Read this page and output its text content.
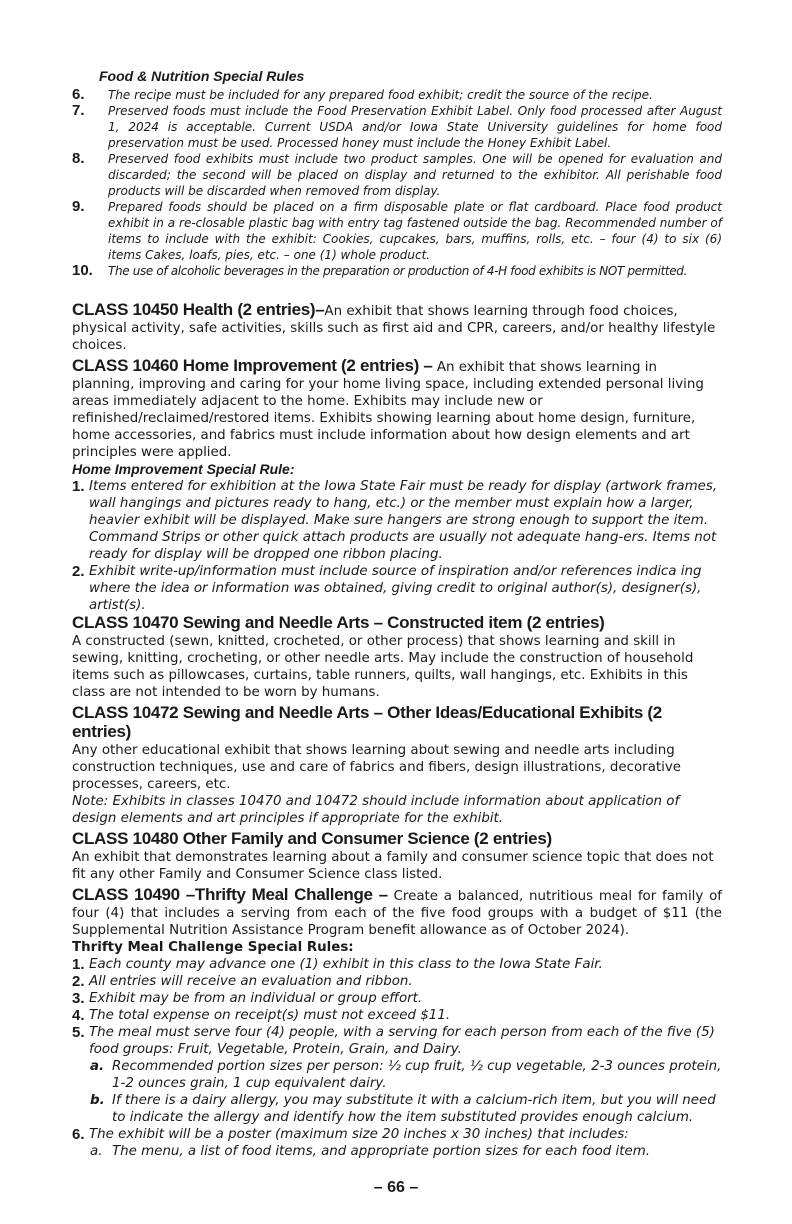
Food & Nutrition Special Rules

6.	The recipe must be included for any prepared food exhibit; credit the source of the recipe.
7.	Preserved foods must include the Food Preservation Exhibit Label. Only food processed after August 1, 2024 is acceptable. Current USDA and/or Iowa State University guidelines for home food preservation must be used. Processed honey must include the Honey Exhibit Label.
8.	Preserved food exhibits must include two product samples. One will be opened for evaluation and discarded; the second will be placed on display and returned to the exhibitor. All perishable food products will be discarded when removed from display.
9.	Prepared foods should be placed on a firm disposable plate or flat cardboard. Place food product exhibit in a re-closable plastic bag with entry tag fastened outside the bag. Recommended number of items to include with the exhibit: Cookies, cupcakes, bars, muffins, rolls, etc. – four (4) to six (6) items Cakes, loafs, pies, etc. – one (1) whole product.
10.	The use of alcoholic beverages in the preparation or production of 4-H food exhibits is NOT permitted.

CLASS 10450 Health (2 entries)–An exhibit that shows learning through food choices, physical activity, safe activities, skills such as first aid and CPR, careers, and/or healthy lifestyle choices.

CLASS 10460 Home Improvement (2 entries) – An exhibit that shows learning in planning, improving and caring for your home living space, including extended personal living areas immediately adjacent to the home. Exhibits may include new or refinished/reclaimed/restored items. Exhibits showing learning about home design, furniture, home accessories, and fabrics must include information about how design elements and art principles were applied.

Home Improvement Special Rule:

1. Items entered for exhibition at the Iowa State Fair must be ready for display (artwork frames, wall hangings and pictures ready to hang, etc.) or the member must explain how a larger, heavier exhibit will be displayed. Make sure hangers are strong enough to support the item. Command Strips or other quick attach products are usually not adequate hang-ers. Items not ready for display will be dropped one ribbon placing.
2. Exhibit write-up/information must include source of inspiration and/or references indica ing where the idea or information was obtained, giving credit to original author(s), designer(s), artist(s).

CLASS 10470 Sewing and Needle Arts – Constructed item (2 entries)

A constructed (sewn, knitted, crocheted, or other process) that shows learning and skill in sewing, knitting, crocheting, or other needle arts. May include the construction of household items such as pillowcases, curtains, table runners, quilts, wall hangings, etc. Exhibits in this class are not intended to be worn by humans.

CLASS 10472 Sewing and Needle Arts – Other Ideas/Educational Exhibits (2 entries)

Any other educational exhibit that shows learning about sewing and needle arts including construction techniques, use and care of fabrics and fibers, design illustrations, decorative processes, careers, etc.

Note: Exhibits in classes 10470 and 10472 should include information about application of design elements and art principles if appropriate for the exhibit.

CLASS 10480 Other Family and Consumer Science (2 entries)

An exhibit that demonstrates learning about a family and consumer science topic that does not fit any other Family and Consumer Science class listed.

CLASS 10490 –Thrifty Meal Challenge – Create a balanced, nutritious meal for family of four (4) that includes a serving from each of the five food groups with a budget of $11 (the Supplemental Nutrition Assistance Program benefit allowance as of October 2024).

Thrifty Meal Challenge Special Rules:

1. Each county may advance one (1) exhibit in this class to the Iowa State Fair.
2. All entries will receive an evaluation and ribbon.
3. Exhibit may be from an individual or group effort.
4. The total expense on receipt(s) must not exceed $11.
5. The meal must serve four (4) people, with a serving for each person from each of the five (5) food groups: Fruit, Vegetable, Protein, Grain, and Dairy.
a. Recommended portion sizes per person: ½ cup fruit, ½ cup vegetable, 2-3 ounces protein, 1-2 ounces grain, 1 cup equivalent dairy.
b. If there is a dairy allergy, you may substitute it with a calcium-rich item, but you will need to indicate the allergy and identify how the item substituted provides enough calcium.
6. The exhibit will be a poster (maximum size 20 inches x 30 inches) that includes:
a. The menu, a list of food items, and appropriate portion sizes for each food item.
– 66 –
